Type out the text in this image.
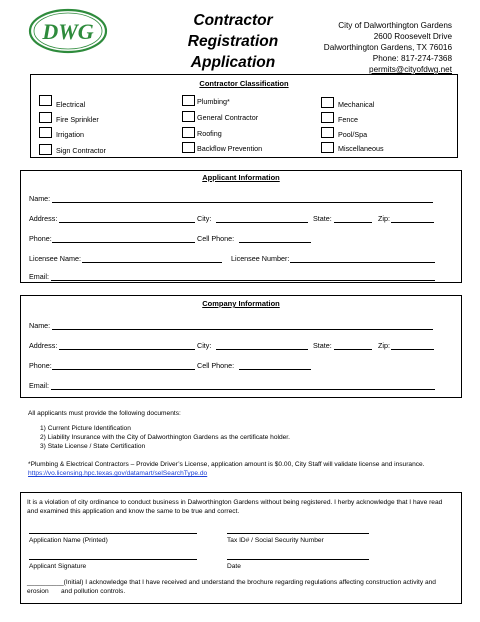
DWG	Contractor
Registration
Application
City of Dalworthington Gardens
2600 Roosevelt Drive
Dalworthington Gardens, TX 76016
Phone: 817-274-7368
permits@cityofdwg.net
Contractor Classification
Electrical
Fire Sprinkler
Irrigation
Sign Contractor
Plumbing*
General Contractor
Roofing
Backflow Prevention
Mechanical
Fence
Pool/Spa
Miscellaneous
Applicant Information
Name:
Address:	City:	State:	Zip:
Phone:	Cell Phone:
Licensee Name:	Licensee Number:
Email:
Company Information
Name:
Address:	City:	State:	Zip:
Phone:	Cell Phone:
Email:
All applicants must provide the following documents:
1) Current Picture Identification
2) Liability Insurance with the City of Dalworthington Gardens as the certificate holder.
3) State License / State Certification
*Plumbing & Electrical Contractors – Provide Driver’s License, application amount is $0.00, City Staff will validate license and insurance.
https://vo.licensing.hpc.texas.gov/datamart/selSearchType.do
It is a violation of city ordinance to conduct business in Dalworthington Gardens without being registered. I herby acknowledge that I have read and examined this application and know the same to be true and correct.
Application Name (Printed)	Tax ID# / Social Security Number
Applicant Signature	Date
__________(Initial) I acknowledge that I have received and understand the brochure regarding regulations affecting construction activity and erosion	and pollution controls.
